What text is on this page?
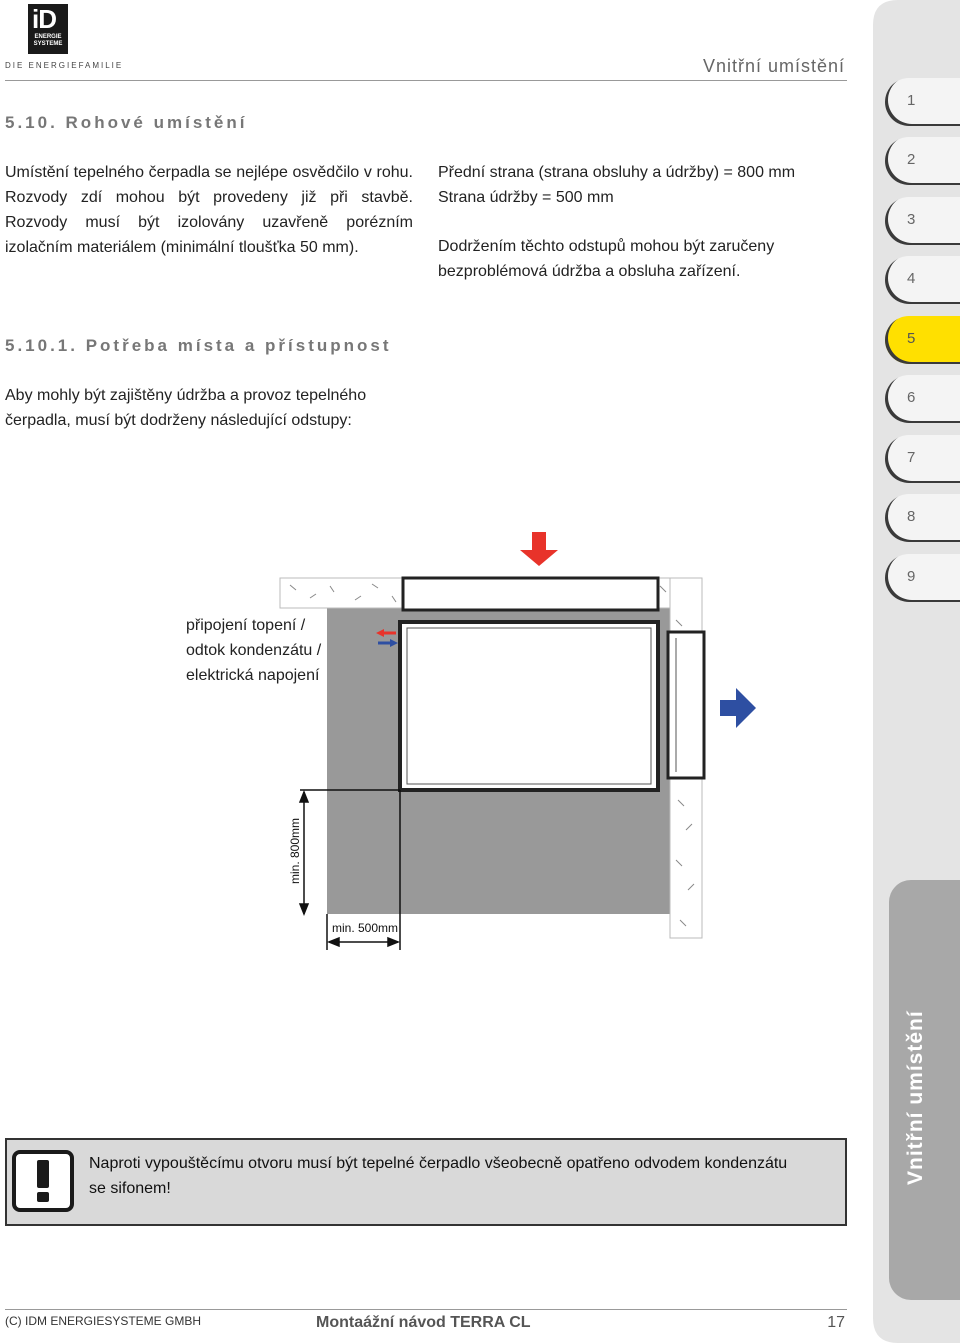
iD
ENERGIE SYSTEME
DIE ENERGIEFAMILIE	Vnitřní umístění
5.10. Rohové umístění
Umístění tepelného čerpadla se nejlépe osvědčilo v rohu. Rozvody zdí mohou být provedeny již při stavbě. Rozvody musí být izolovány uzavřeně porézním izolačním materiálem (minimální tloušťka 50 mm).
Přední strana (strana obsluhy a údržby) = 800 mm
Strana údržby = 500 mm
Dodržením těchto odstupů mohou být zaručeny bezproblémová údržba a obsluha zařízení.
5.10.1. Potřeba místa a přístupnost
Aby mohly být zajištěny údržba a provoz tepelného čerpadla, musí být dodrženy následující odstupy:
připojení topení /
odtok kondenzátu /
elektrická napojení
min. 800mm
min. 500mm
Naproti vypouštěcímu otvoru musí být tepelné čerpadlo všeobecně opatřeno odvodem kondenzátu se sifonem!
1
2
3
4
5
6
7
8
9
Vnitřní umístění
(C) IDM ENERGIESYSTEME GMBH	Montaážní návod TERRA CL	17
